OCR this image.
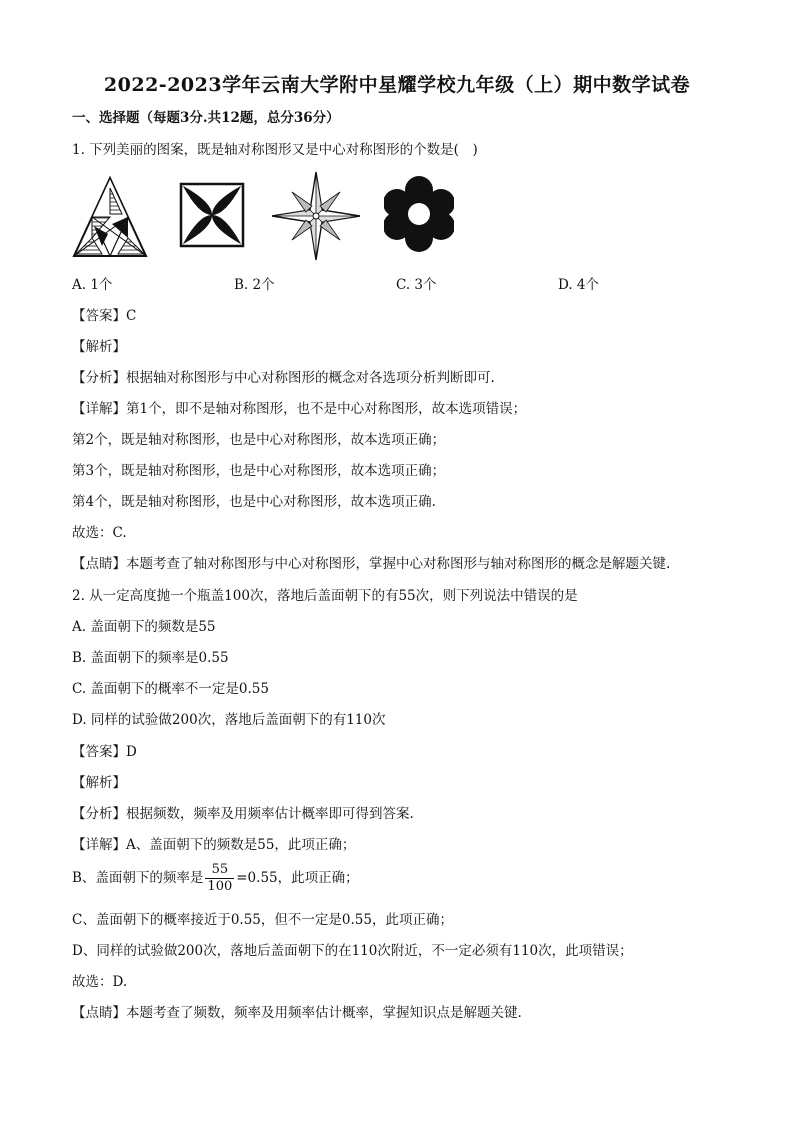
2022-2023学年云南大学附中星耀学校九年级（上）期中数学试卷
一、选择题（每题3分.共12题，总分36分）
1. 下列美丽的图案，既是轴对称图形又是中心对称图形的个数是(　)
A. 1个	B. 2个	C. 3个	D. 4个
【答案】C
【解析】
【分析】根据轴对称图形与中心对称图形的概念对各选项分析判断即可.
【详解】第1个，即不是轴对称图形，也不是中心对称图形，故本选项错误；
第2个，既是轴对称图形，也是中心对称图形，故本选项正确；
第3个，既是轴对称图形，也是中心对称图形，故本选项正确；
第4个，既是轴对称图形，也是中心对称图形，故本选项正确.
故选：C.
【点睛】本题考查了轴对称图形与中心对称图形，掌握中心对称图形与轴对称图形的概念是解题关键.
2. 从一定高度抛一个瓶盖100次，落地后盖面朝下的有55次，则下列说法中错误的是
A. 盖面朝下的频数是55
B. 盖面朝下的频率是0.55
C. 盖面朝下的概率不一定是0.55
D. 同样的试验做200次，落地后盖面朝下的有110次
【答案】D
【解析】
【分析】根据频数，频率及用频率估计概率即可得到答案.
【详解】A、盖面朝下的频数是55，此项正确；
B、盖面朝下的频率是 $\frac{55}{100} =0.55$，此项正确；
C、盖面朝下的概率接近于0.55，但不一定是0.55，此项正确；
D、同样的试验做200次，落地后盖面朝下的在110次附近，不一定必须有110次，此项错误；
故选：D.
【点睛】本题考查了频数，频率及用频率估计概率，掌握知识点是解题关键.
